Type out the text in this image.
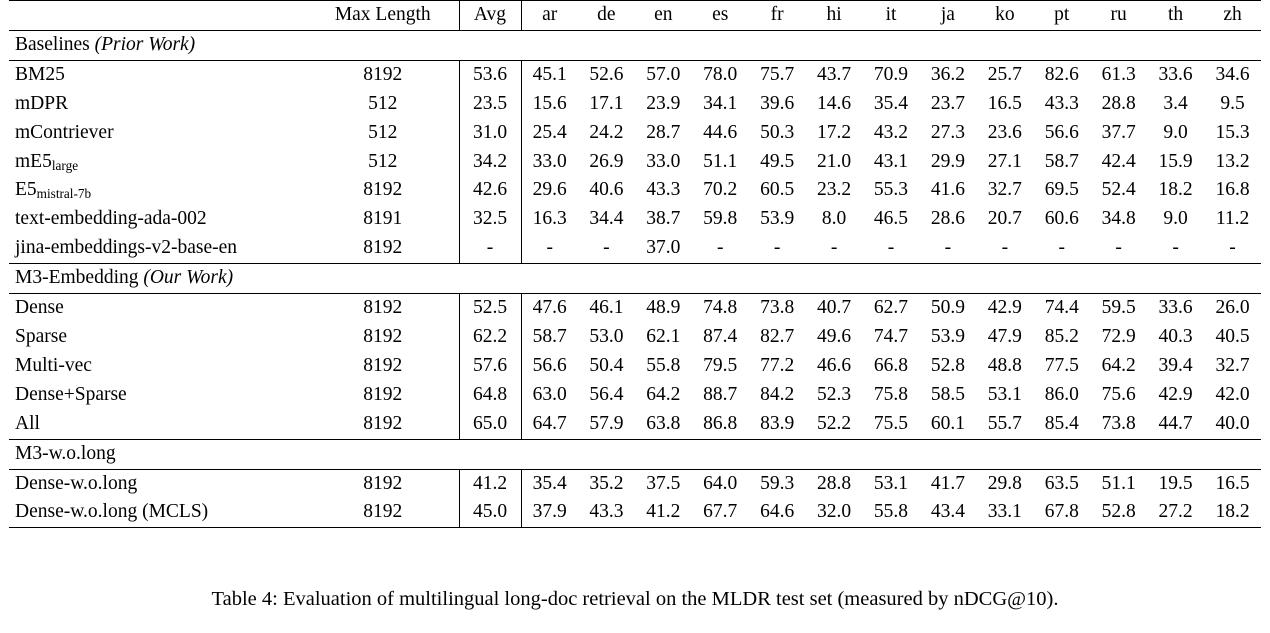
	Max Length	Avg	ar	de	en	es	fr	hi	it	ja	ko	pt	ru	th	zh
Baselines (Prior Work)															
BM25	8192	53.6	45.1	52.6	57.0	78.0	75.7	43.7	70.9	36.2	25.7	82.6	61.3	33.6	34.6
mDPR	512	23.5	15.6	17.1	23.9	34.1	39.6	14.6	35.4	23.7	16.5	43.3	28.8	3.4	9.5
mContriever	512	31.0	25.4	24.2	28.7	44.6	50.3	17.2	43.2	27.3	23.6	56.6	37.7	9.0	15.3
mE5large	512	34.2	33.0	26.9	33.0	51.1	49.5	21.0	43.1	29.9	27.1	58.7	42.4	15.9	13.2
E5mistral-7b	8192	42.6	29.6	40.6	43.3	70.2	60.5	23.2	55.3	41.6	32.7	69.5	52.4	18.2	16.8
text-embedding-ada-002	8191	32.5	16.3	34.4	38.7	59.8	53.9	8.0	46.5	28.6	20.7	60.6	34.8	9.0	11.2
jina-embeddings-v2-base-en	8192	-	-	-	37.0	-	-	-	-	-	-	-	-	-	-
M3-Embedding (Our Work)															
Dense	8192	52.5	47.6	46.1	48.9	74.8	73.8	40.7	62.7	50.9	42.9	74.4	59.5	33.6	26.0
Sparse	8192	62.2	58.7	53.0	62.1	87.4	82.7	49.6	74.7	53.9	47.9	85.2	72.9	40.3	40.5
Multi-vec	8192	57.6	56.6	50.4	55.8	79.5	77.2	46.6	66.8	52.8	48.8	77.5	64.2	39.4	32.7
Dense+Sparse	8192	64.8	63.0	56.4	64.2	88.7	84.2	52.3	75.8	58.5	53.1	86.0	75.6	42.9	42.0
All	8192	65.0	64.7	57.9	63.8	86.8	83.9	52.2	75.5	60.1	55.7	85.4	73.8	44.7	40.0
M3-w.o.long															
Dense-w.o.long	8192	41.2	35.4	35.2	37.5	64.0	59.3	28.8	53.1	41.7	29.8	63.5	51.1	19.5	16.5
Dense-w.o.long (MCLS)	8192	45.0	37.9	43.3	41.2	67.7	64.6	32.0	55.8	43.4	33.1	67.8	52.8	27.2	18.2
Table 4: Evaluation of multilingual long-doc retrieval on the MLDR test set (measured by nDCG@10).
